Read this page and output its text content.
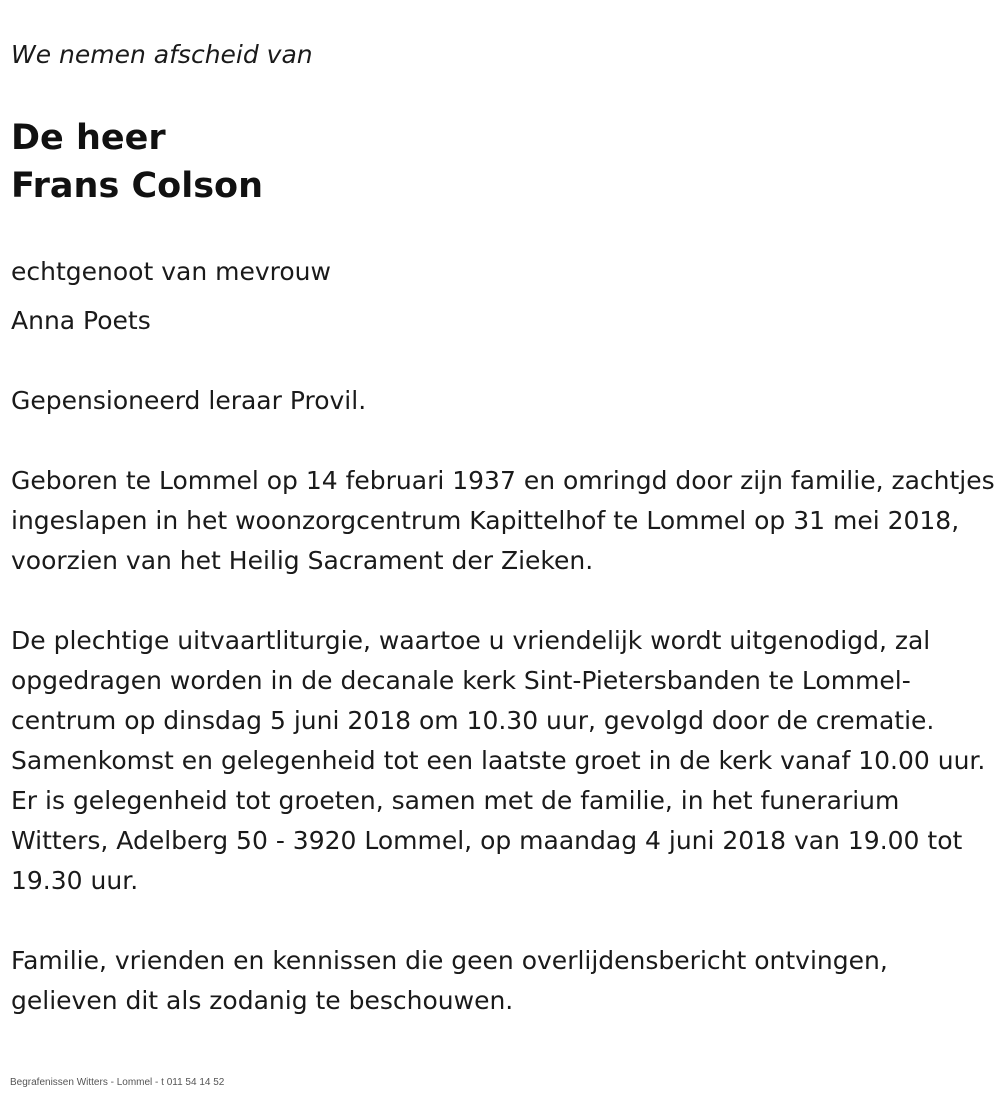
We nemen afscheid van

De heer
Frans Colson

echtgenoot van mevrouw

Anna Poets

Gepensioneerd leraar Provil.

Geboren te Lommel op 14 februari 1937 en omringd door zijn familie, zachtjes ingeslapen in het woonzorgcentrum Kapittelhof te Lommel op 31 mei 2018, voorzien van het Heilig Sacrament der Zieken.

De plechtige uitvaartliturgie, waartoe u vriendelijk wordt uitgenodigd, zal opgedragen worden in de decanale kerk Sint-Pietersbanden te Lommel-centrum op dinsdag 5 juni 2018 om 10.30 uur, gevolgd door de crematie. Samenkomst en gelegenheid tot een laatste groet in de kerk vanaf 10.00 uur. Er is gelegenheid tot groeten, samen met de familie, in het funerarium Witters, Adelberg 50 - 3920 Lommel, op maandag 4 juni 2018 van 19.00 tot 19.30 uur.

Familie, vrienden en kennissen die geen overlijdensbericht ontvingen, gelieven dit als zodanig te beschouwen.

Begrafenissen Witters - Lommel - t 011 54 14 52
